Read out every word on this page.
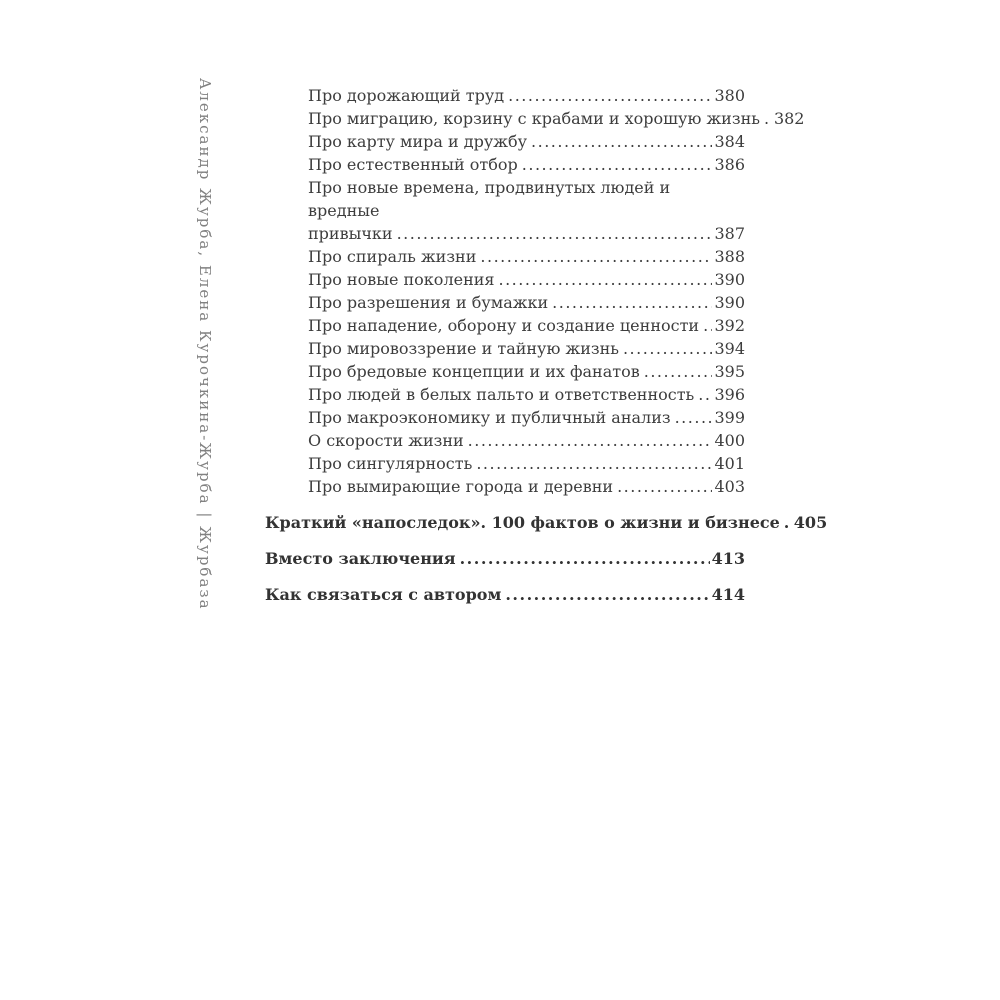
Александр Журба, Елена Курочкина-Журба | Журбаза	Про дорожающий труд .....	380
Про миграцию, корзину с крабами и хорошую жизнь ..... 382
Про карту мира и дружбу .....	384
Про естественный отбор .....	386
Про новые времена, продвинутых людей и вредные
привычки .....	387
Про спираль жизни .....	388
Про новые поколения .....	390
Про разрешения и бумажки .....	390
Про нападение, оборону и создание ценности ..... 392
Про мировоззрение и тайную жизнь .....	394
Про бредовые концепции и их фанатов .....	395
Про людей в белых пальто и ответственность ..... 396
Про макроэкономику и публичный анализ .....	399
О скорости жизни .....	400
Про сингулярность .....	401
Про вымирающие города и деревни .....	403
Краткий «напоследок». 100 фактов о жизни и бизнесе ..... 405
Вместо заключения .....	413
Как связаться с автором .....	414
